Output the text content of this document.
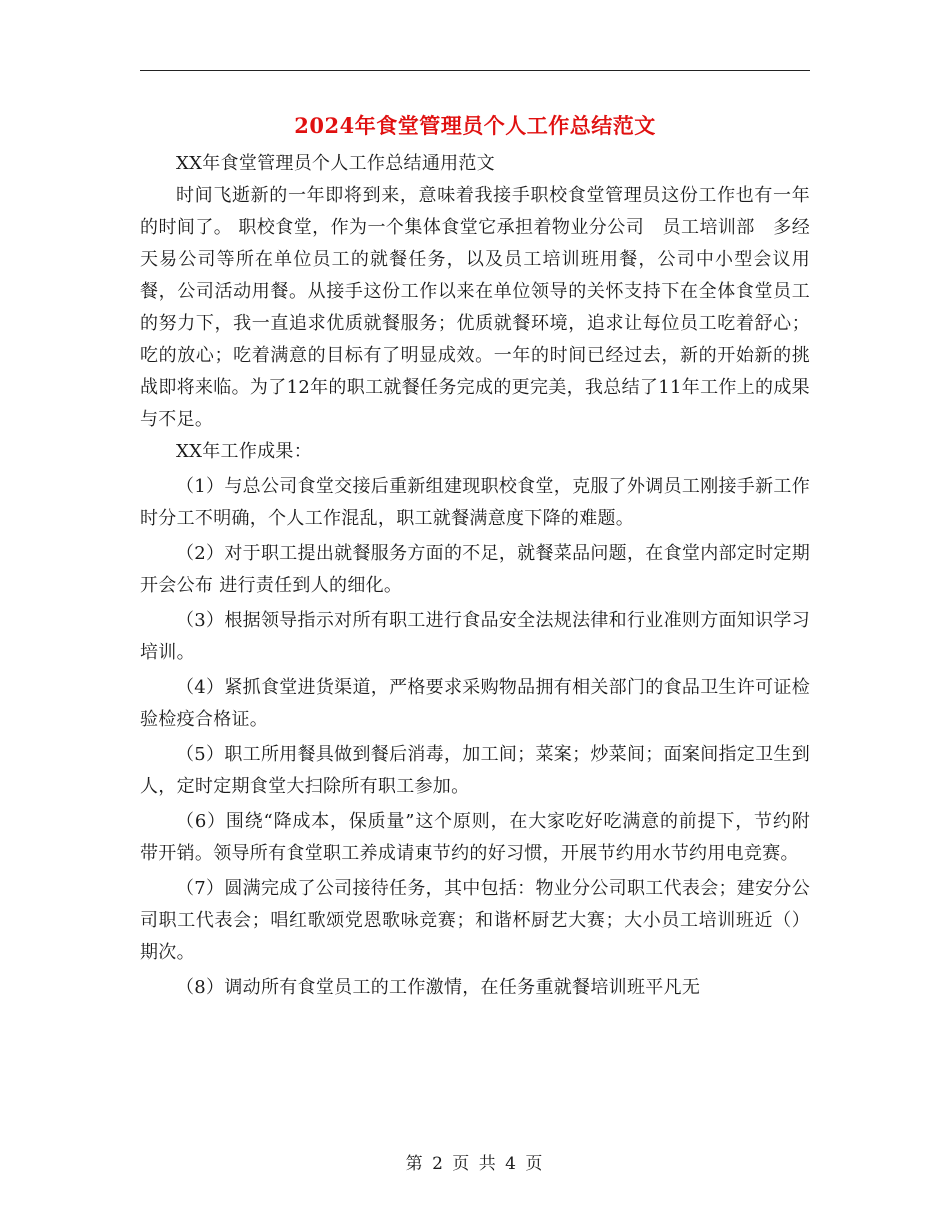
2024年食堂管理员个人工作总结范文

XX年食堂管理员个人工作总结通用范文

时间飞逝新的一年即将到来，意味着我接手职校食堂管理员这份工作也有一年的时间了。 职校食堂，作为一个集体食堂它承担着物业分公司　员工培训部　多经　天易公司等所在单位员工的就餐任务，以及员工培训班用餐，公司中小型会议用餐，公司活动用餐。从接手这份工作以来在单位领导的关怀支持下在全体食堂员工的努力下，我一直追求优质就餐服务；优质就餐环境，追求让每位员工吃着舒心；吃的放心；吃着满意的目标有了明显成效。一年的时间已经过去，新的开始新的挑战即将来临。为了12年的职工就餐任务完成的更完美，我总结了11年工作上的成果与不足。

XX年工作成果：

（1）与总公司食堂交接后重新组建现职校食堂，克服了外调员工刚接手新工作时分工不明确，个人工作混乱，职工就餐满意度下降的难题。

（2）对于职工提出就餐服务方面的不足，就餐菜品问题，在食堂内部定时定期开会公布 进行责任到人的细化。

（3）根据领导指示对所有职工进行食品安全法规法律和行业准则方面知识学习培训。

（4）紧抓食堂进货渠道，严格要求采购物品拥有相关部门的食品卫生许可证检验检疫合格证。

（5）职工所用餐具做到餐后消毒，加工间；菜案；炒菜间；面案间指定卫生到人，定时定期食堂大扫除所有职工参加。

（6）围绕“降成本，保质量”这个原则，在大家吃好吃满意的前提下，节约附带开销。领导所有食堂职工养成请東节约的好习惯，开展节约用水节约用电竞赛。

（7）圆满完成了公司接待任务，其中包括：物业分公司职工代表会；建安分公司职工代表会；唱红歌颂党恩歌咏竞赛；和谐杯厨艺大赛；大小员工培训班近（）期次。

（8）调动所有食堂员工的工作激情，在任务重就餐培训班平凡无

第 2 页 共 4 页
